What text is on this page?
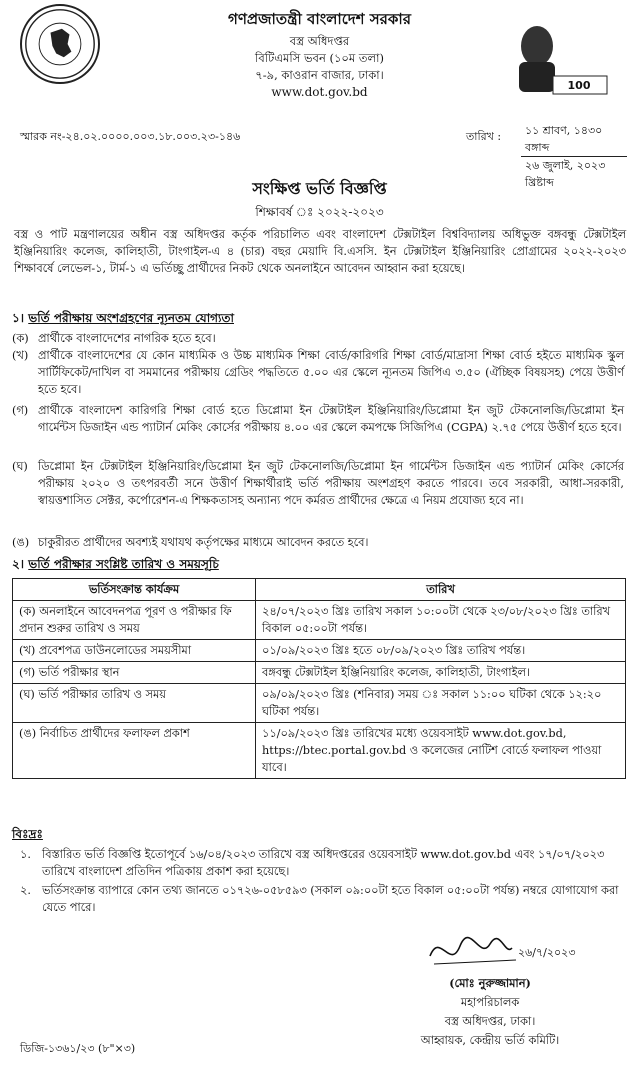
গণপ্রজাতন্ত্রী বাংলাদেশ সরকার
বস্ত্র অধিদপ্তর
বিটিএমসি ভবন (১০ম তলা)
৭-৯, কাওরান বাজার, ঢাকা।
www.dot.gov.bd	100
স্মারক নং-২৪.০২.০০০০.০০৩.১৮.০০৩.২৩-১৪৬	তারিখ :	১১ শ্রাবণ, ১৪৩০ বঙ্গাব্দ
২৬ জুলাই, ২০২৩ খ্রিষ্টাব্দ
সংক্ষিপ্ত ভর্তি বিজ্ঞপ্তি
শিক্ষাবর্ষ ঃ ২০২২-২০২৩
বস্ত্র ও পাট মন্ত্রণালয়ের অধীন বস্ত্র অধিদপ্তর কর্তৃক পরিচালিত এবং বাংলাদেশ টেক্সটাইল বিশ্ববিদ্যালয় অধিভুক্ত বঙ্গবন্ধু টেক্সটাইল ইঞ্জিনিয়ারিং কলেজ, কালিহাতী, টাংগাইল-এ ৪ (চার) বছর মেয়াদি বি.এসসি. ইন টেক্সটাইল ইঞ্জিনিয়ারিং প্রোগ্রামের ২০২২-২০২৩ শিক্ষাবর্ষে লেভেল-১, টার্ম-১ এ ভর্তিচ্ছু প্রার্থীদের নিকট থেকে অনলাইনে আবেদন আহ্বান করা হয়েছে।
১। ভর্তি পরীক্ষায় অংশগ্রহণের ন্যূনতম যোগ্যতা
(ক) প্রার্থীকে বাংলাদেশের নাগরিক হতে হবে।
(খ) প্রার্থীকে বাংলাদেশের যে কোন মাধ্যমিক ও উচ্চ মাধ্যমিক শিক্ষা বোর্ড/কারিগরি শিক্ষা বোর্ড/মাদ্রাসা শিক্ষা বোর্ড হইতে মাধ্যমিক স্কুল সার্টিফিকেট/দাখিল বা সমমানের পরীক্ষায় গ্রেডিং পদ্ধতিতে ৫.০০ এর স্কেলে ন্যূনতম জিপিএ ৩.৫০ (ঐচ্ছিক বিষয়সহ) পেয়ে উত্তীর্ণ হতে হবে।
(গ) প্রার্থীকে বাংলাদেশ কারিগরি শিক্ষা বোর্ড হতে ডিপ্লোমা ইন টেক্সটাইল ইঞ্জিনিয়ারিং/ডিপ্লোমা ইন জুট টেকনোলজি/ডিপ্লোমা ইন গার্মেন্টস ডিজাইন এন্ড প্যাটার্ন মেকিং কোর্সের পরীক্ষায় ৪.০০ এর স্কেলে কমপক্ষে সিজিপিএ (CGPA) ২.৭৫ পেয়ে উত্তীর্ণ হতে হবে।
(ঘ) ডিপ্লোমা ইন টেক্সটাইল ইঞ্জিনিয়ারিং/ডিপ্লোমা ইন জুট টেকনোলজি/ডিপ্লোমা ইন গার্মেন্টস ডিজাইন এন্ড প্যাটার্ন মেকিং কোর্সের পরীক্ষায় ২০২০ ও তৎপরবর্তী সনে উত্তীর্ণ শিক্ষার্থীরাই ভর্তি পরীক্ষায় অংশগ্রহণ করতে পারবে। তবে সরকারী, আধা-সরকারী, স্বায়ত্তশাসিত সেক্টর, কর্পোরেশন-এ শিক্ষকতাসহ অন্যান্য পদে কর্মরত প্রার্থীদের ক্ষেত্রে এ নিয়ম প্রযোজ্য হবে না।
(ঙ) চাকুরীরত প্রার্থীদের অবশ্যই যথাযথ কর্তৃপক্ষের মাধ্যমে আবেদন করতে হবে।
২। ভর্তি পরীক্ষার সংশ্লিষ্ট তারিখ ও সময়সূচি
ভর্তিসংক্রান্ত কার্যক্রম	তারিখ
(ক) অনলাইনে আবেদনপত্র পূরণ ও পরীক্ষার ফি প্রদান শুরুর তারিখ ও সময়	২৪/০৭/২০২৩ খ্রিঃ তারিখ সকাল ১০:০০টা থেকে ২৩/০৮/২০২৩ খ্রিঃ তারিখ বিকাল ০৫:০০টা পর্যন্ত।
(খ) প্রবেশপত্র ডাউনলোডের সময়সীমা	০১/০৯/২০২৩ খ্রিঃ হতে ০৮/০৯/২০২৩ খ্রিঃ তারিখ পর্যন্ত।
(গ) ভর্তি পরীক্ষার স্থান	বঙ্গবন্ধু টেক্সটাইল ইঞ্জিনিয়ারিং কলেজ, কালিহাতী, টাংগাইল।
(ঘ) ভর্তি পরীক্ষার তারিখ ও সময়	০৯/০৯/২০২৩ খ্রিঃ (শনিবার) সময় ঃ সকাল ১১:০০ ঘটিকা থেকে ১২:২০ ঘটিকা পর্যন্ত।
(ঙ) নির্বাচিত প্রার্থীদের ফলাফল প্রকাশ	১১/০৯/২০২৩ খ্রিঃ তারিখের মধ্যে ওয়েবসাইট www.dot.gov.bd, https://btec.portal.gov.bd ও কলেজের নোটিশ বোর্ডে ফলাফল পাওয়া যাবে।
বিঃদ্রঃ
১. বিস্তারিত ভর্তি বিজ্ঞপ্তি ইতোপূর্বে ১৬/০৪/২০২৩ তারিখে বস্ত্র অধিদপ্তরের ওয়েবসাইট www.dot.gov.bd এবং ১৭/০৭/২০২৩ তারিখে বাংলাদেশ প্রতিদিন পত্রিকায় প্রকাশ করা হয়েছে।
২. ভর্তিসংক্রান্ত ব্যাপারে কোন তথ্য জানতে ০১৭২৬-০৫৮৫৯৩ (সকাল ০৯:০০টা হতে বিকাল ০৫:০০টা পর্যন্ত) নম্বরে যোগাযোগ করা যেতে পারে।
২৬/৭/২০২৩
(মোঃ নুরুজ্জামান)
মহাপরিচালক
বস্ত্র অধিদপ্তর, ঢাকা।
আহ্বায়ক, কেন্দ্রীয় ভর্তি কমিটি।
ডিজি-১৩৬১/২৩ (৮"×৩)
